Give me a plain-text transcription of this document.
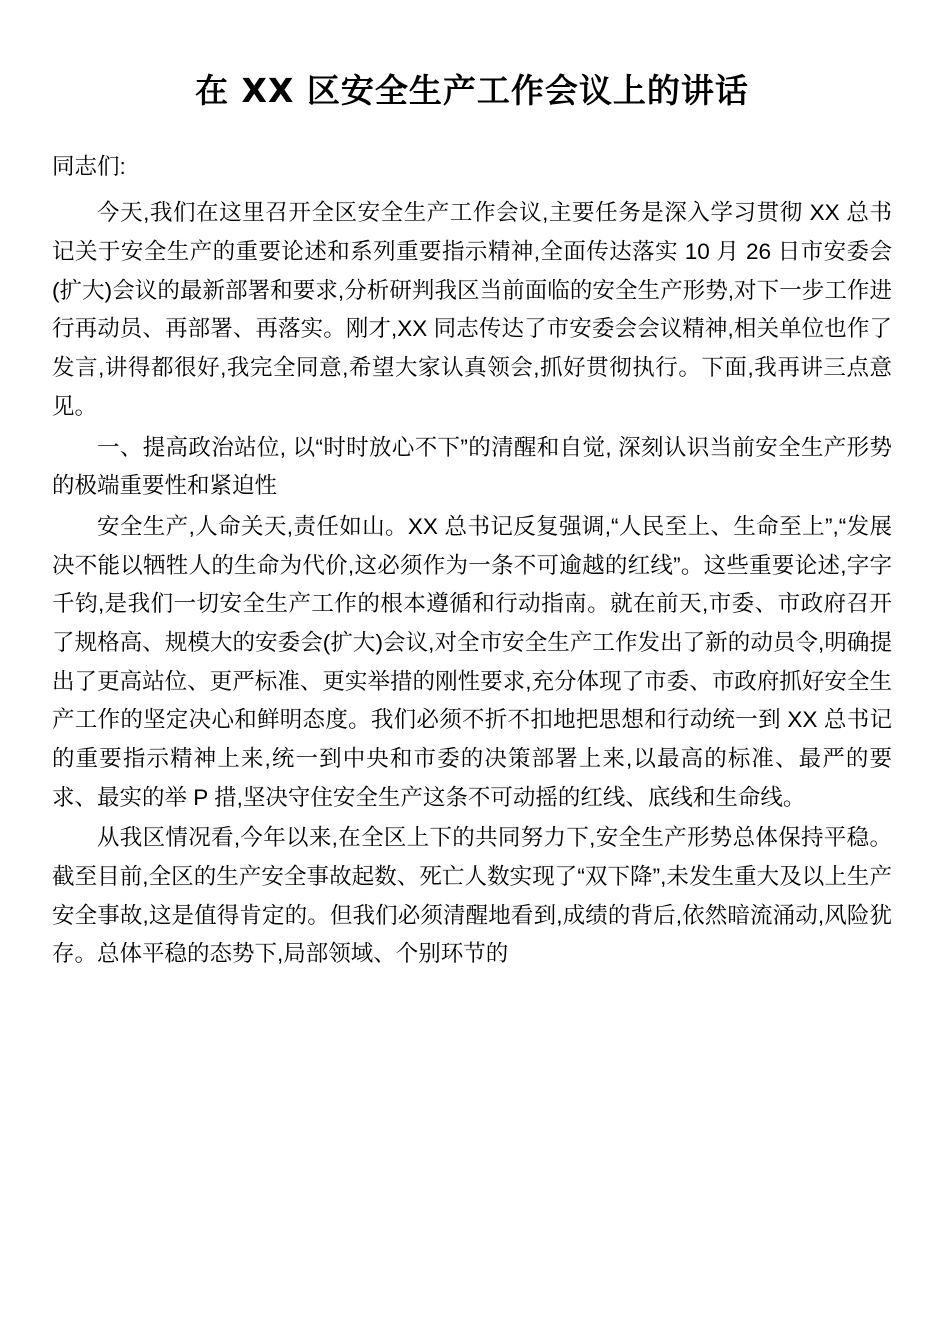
在 XX 区安全生产工作会议上的讲话

同志们:

今天,我们在这里召开全区安全生产工作会议,主要任务是深入学习贯彻 XX 总书记关于安全生产的重要论述和系列重要指示精神,全面传达落实 10 月 26 日市安委会(扩大)会议的最新部署和要求,分析研判我区当前面临的安全生产形势,对下一步工作进行再动员、再部署、再落实。刚才,XX 同志传达了市安委会会议精神,相关单位也作了发言,讲得都很好,我完全同意,希望大家认真领会,抓好贯彻执行。下面,我再讲三点意见。

一、提高政治站位, 以“时时放心不下”的清醒和自觉, 深刻认识当前安全生产形势的极端重要性和紧迫性

安全生产,人命关天,责任如山。XX 总书记反复强调,“人民至上、生命至上”,“发展决不能以牺牲人的生命为代价,这必须作为一条不可逾越的红线”。这些重要论述,字字千钧,是我们一切安全生产工作的根本遵循和行动指南。就在前天,市委、市政府召开了规格高、规模大的安委会(扩大)会议,对全市安全生产工作发出了新的动员令,明确提出了更高站位、更严标准、更实举措的刚性要求,充分体现了市委、市政府抓好安全生产工作的坚定决心和鲜明态度。我们必须不折不扣地把思想和行动统一到 XX 总书记的重要指示精神上来,统一到中央和市委的决策部署上来,以最高的标准、最严的要求、最实的举 P 措,坚决守住安全生产这条不可动摇的红线、底线和生命线。

从我区情况看,今年以来,在全区上下的共同努力下,安全生产形势总体保持平稳。截至目前,全区的生产安全事故起数、死亡人数实现了“双下降”,未发生重大及以上生产安全事故,这是值得肯定的。但我们必须清醒地看到,成绩的背后,依然暗流涌动,风险犹存。总体平稳的态势下,局部领域、个别环节的
